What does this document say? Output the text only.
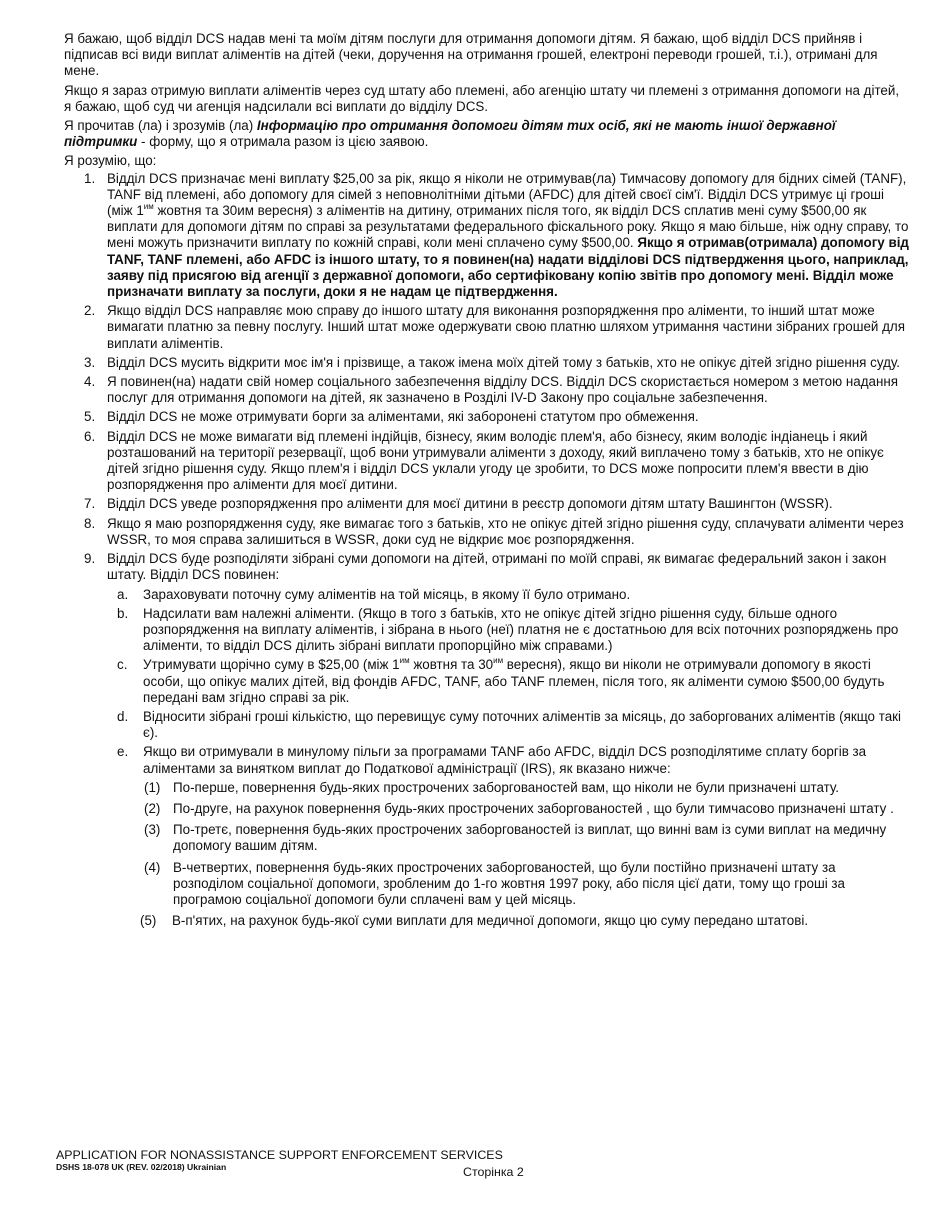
Я бажаю, щоб відділ DCS надав мені та моїм дітям послуги для отримання допомоги дітям. Я бажаю, щоб відділ DCS прийняв і підписав всі види виплат аліментів на дітей (чеки, доручення на отримання грошей, електроні переводи грошей, т.і.), отримані для мене.

Якщо я зараз отримую виплати аліментів через суд штату або племені, або агенцію штату чи племені з отримання допомоги на дітей, я бажаю, щоб суд чи агенція надсилали всі виплати до відділу DCS.

Я прочитав (ла) і зрозумів (ла) Інформацію про отримання допомоги дітям тих осіб, які не мають іншої державної підтримки - форму, що я отримала разом із цією заявою.

Я розумію, що:

1. Відділ DCS призначає мені виплату $25,00 за рік, якщо я ніколи не отримував(ла) Тимчасову допомогу для бідних сімей (TANF), TANF від племені, або допомогу для сімей з неповнолітніми дітьми (AFDC) для дітей своєї сім'ї. Відділ DCS утримує ці гроші (між $1^{им}$ жовтня та 30им вересня) з аліментів на дитину, отриманих після того, як відділ DCS сплатив мені суму $500,00 як виплати для допомоги дітям по справі за результатами федерального фіскального року. Якщо я маю більше, ніж одну справу, то мені можуть призначити виплату по кожній справі, коли мені сплачено суму $500,00. Якщо я отримав(отримала) допомогу від TANF, TANF племені, або AFDC із іншого штату, то я повинен(на) надати відділові DCS підтвердження цього, наприклад, заяву під присягою від агенції з державної допомоги, або сертифіковану копію звітів про допомогу мені. Відділ може призначати виплату за послуги, доки я не надам це підтвердження.
2. Якщо відділ DCS направляє мою справу до іншого штату для виконання розпорядження про аліменти, то інший штат може вимагати платню за певну послугу. Інший штат може одержувати свою платню шляхом утримання частини зібраних грошей для виплати аліментів.
3. Відділ DCS мусить відкрити моє ім'я і прізвище, а також імена моїх дітей тому з батьків, хто не опікує дітей згідно рішення суду.
4. Я повинен(на) надати свій номер соціального забезпечення відділу DCS. Відділ DCS скористається номером з метою надання послуг для отримання допомоги на дітей, як зазначено в Розділі IV-D Закону про соціальне забезпечення.
5. Відділ DCS не може отримувати борги за аліментами, які заборонені статутом про обмеження.
6. Відділ DCS не може вимагати від племені індійців, бізнесу, яким володіє плем'я, або бізнесу, яким володіє індіанець і який розташований на території резервації, щоб вони утримували аліменти з доходу, який виплачено тому з батьків, хто не опікує дітей згідно рішення суду. Якщо плем'я і відділ DCS уклали угоду це зробити, то DCS може попросити плем'я ввести в дію розпорядження про аліменти для моєї дитини.
7. Відділ DCS уведе розпорядження про аліменти для моєї дитини в реєстр допомоги дітям штату Вашингтон (WSSR).
8. Якщо я маю розпорядження суду, яке вимагає того з батьків, хто не опікує дітей згідно рішення суду, сплачувати аліменти через WSSR, то моя справа залишиться в WSSR, доки суд не відкриє моє розпорядження.
9. Відділ DCS буде розподіляти зібрані суми допомоги на дітей, отримані по моїй справі, як вимагає федеральний закон і закон штату. Відділ DCS повинен:
a. Зараховувати поточну суму аліментів на той місяць, в якому її було отримано.
b. Надсилати вам належні аліменти. (Якщо в того з батьків, хто не опікує дітей згідно рішення суду, більше одного розпорядження на виплату аліментів, і зібрана в нього (неї) платня не є достатньою для всіх поточних розпоряджень про аліменти, то відділ DCS ділить зібрані виплати пропорційно між справами.)
c. Утримувати щорічно суму в $25,00 (між $1^{им}$ жовтня та $30^{им}$ вересня), якщо ви ніколи не отримували допомогу в якості особи, що опікує малих дітей, від фондів AFDC, TANF, або TANF племен, після того, як аліменти сумою $500,00 будуть передані вам згідно справі за рік.
d. Відносити зібрані гроші кількістю, що перевищує суму поточних аліментів за місяць, до заборгованих аліментів (якщо такі є).
e. Якщо ви отримували в минулому пільги за програмами TANF або AFDC, відділ DCS розподілятиме сплату боргів за аліментами за винятком виплат до Податкової адміністрації (IRS), як вказано нижче:
(1) По-перше, повернення будь-яких прострочених заборгованостей вам, що ніколи не були призначені штату.
(2) По-друге, на рахунок повернення будь-яких прострочених заборгованостей , що були тимчасово призначені штату .
(3) По-третє, повернення будь-яких прострочених заборгованостей із виплат, що винні вам із суми виплат на медичну допомогу вашим дітям.
(4) В-четвертих, повернення будь-яких прострочених заборгованостей, що були постійно призначені штату за розподілом соціальної допомоги, зробленим до 1-го жовтня 1997 року, або після цієї дати, тому що гроші за програмою соціальної допомоги були сплачені вам у цей місяць.
(5) В-п'ятих, на рахунок будь-якої суми виплати для медичної допомоги, якщо цю суму передано штатові.
APPLICATION FOR NONASSISTANCE SUPPORT ENFORCEMENT SERVICES
DSHS 18-078 UK (REV. 02/2018) Ukrainian	Сторінка 2
